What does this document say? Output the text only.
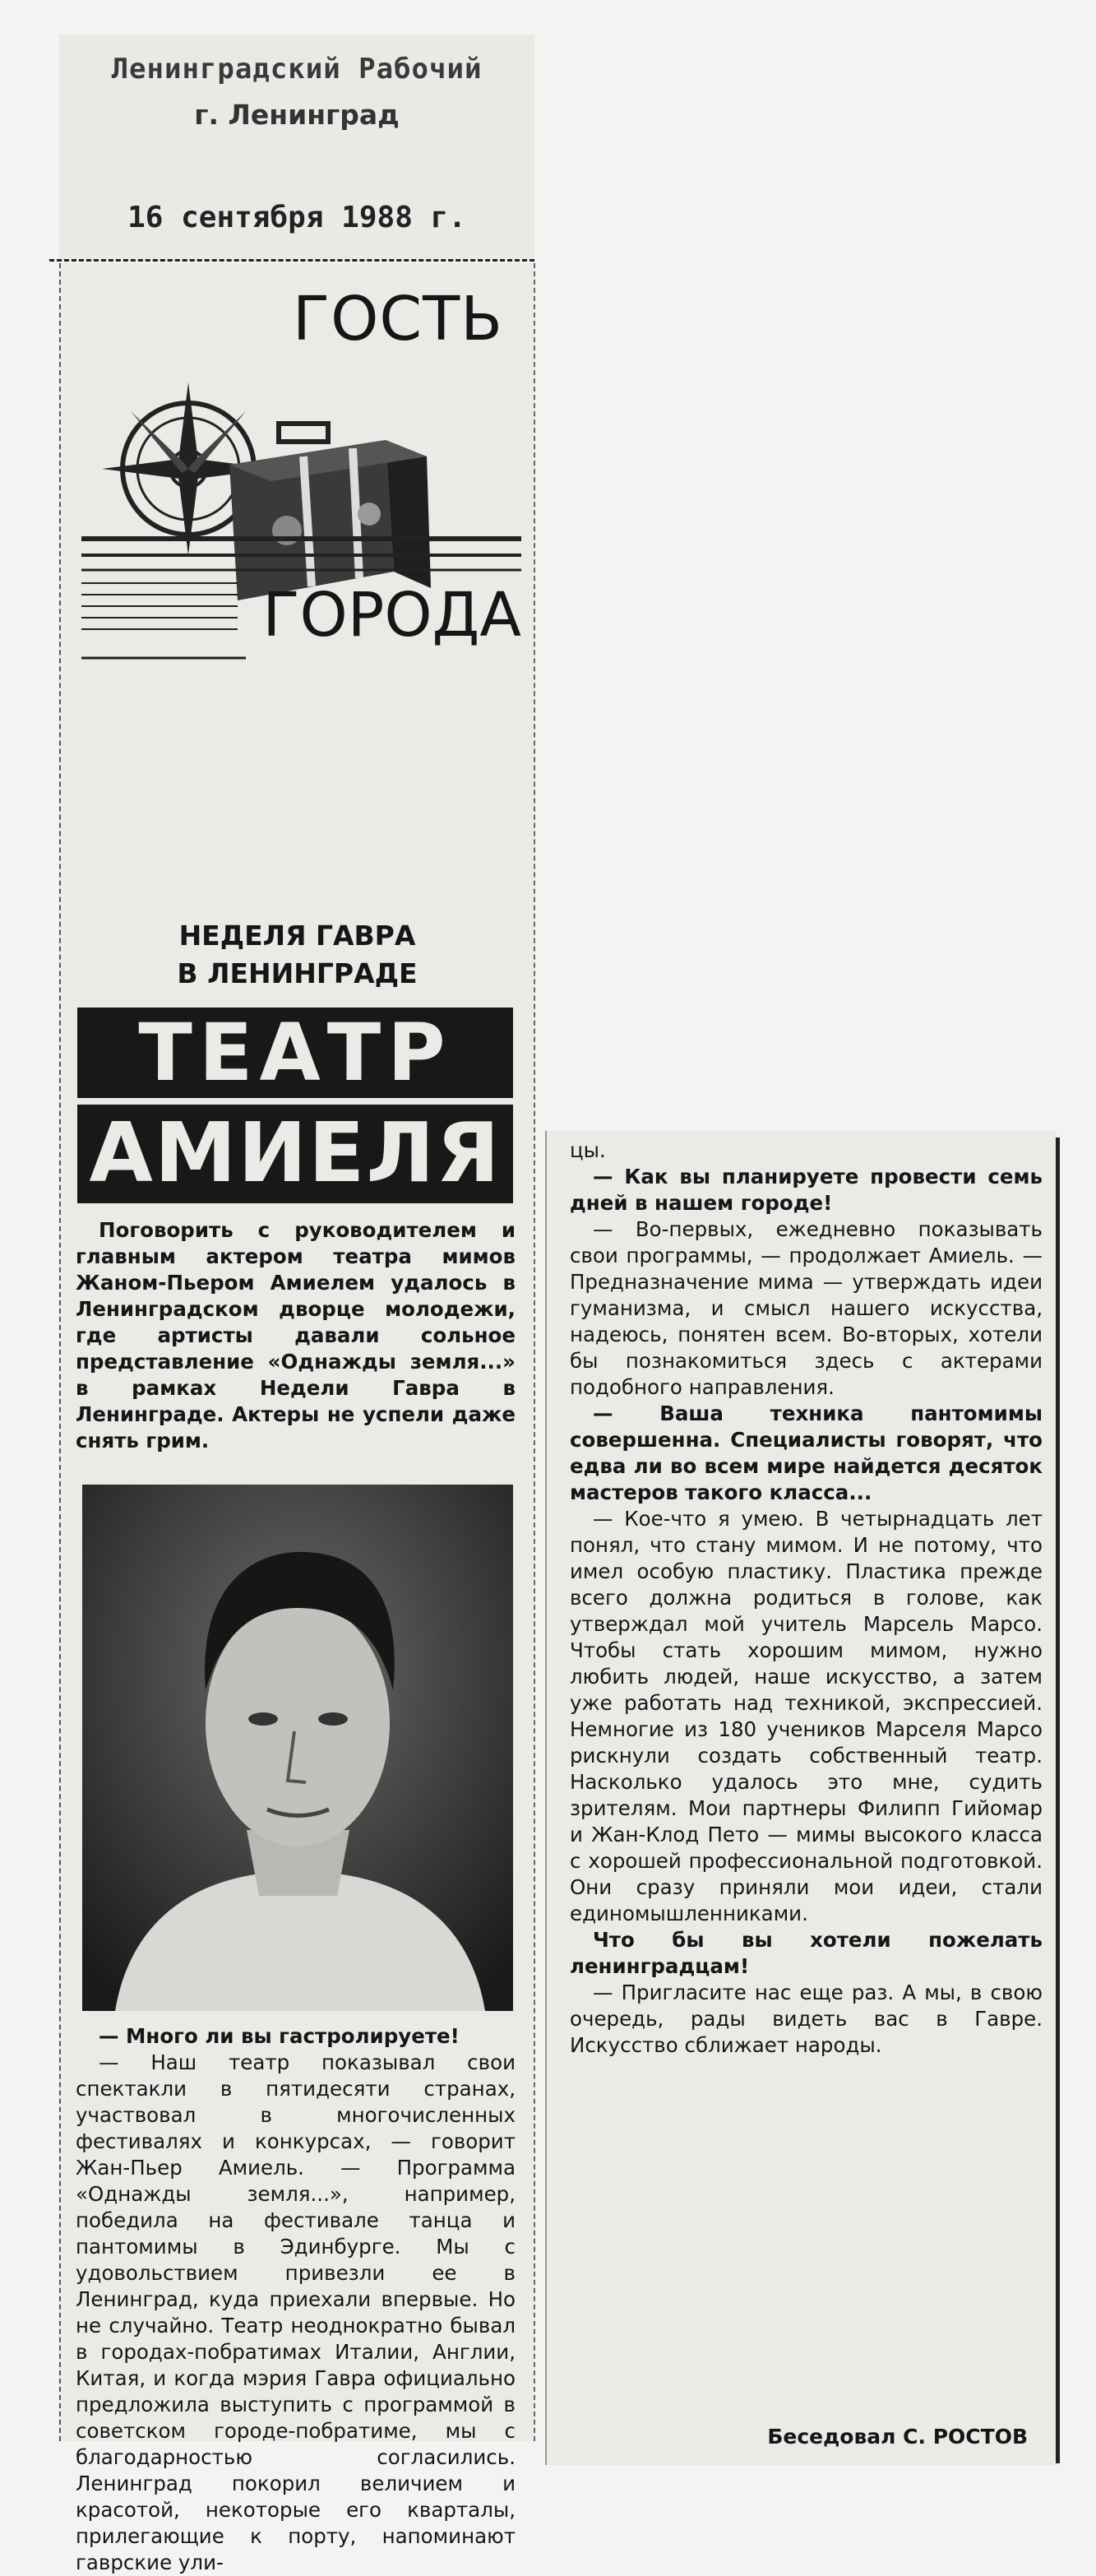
Ленинградский Рабочий
г. Ленинград
16 сентября 1988 г.
ГОСТЬ
ГОРОДА
НЕДЕЛЯ ГАВРА
В ЛЕНИНГРАДЕ
ТЕАТР
АМИЕЛЯ
Поговорить с руководителем и главным актером театра мимов Жаном-Пьером Амиелем удалось в Ленинградском дворце молодежи, где артисты давали сольное представление «Однажды земля...» в рамках Недели Гавра в Ленинграде. Актеры не успели даже снять грим.

— Много ли вы гастролируете!

— Наш театр показывал свои спектакли в пятидесяти странах, участвовал в многочисленных фестивалях и конкурсах, — говорит Жан-Пьер Амиель. — Программа «Однажды земля...», например, победила на фестивале танца и пантомимы в Эдинбурге. Мы с удовольствием привезли ее в Ленинград, куда приехали впервые. Но не случайно. Театр неоднократно бывал в городах-побратимах Италии, Англии, Китая, и когда мэрия Гавра официально предложила выступить с программой в советском городе-побратиме, мы с благодарностью согласились. Ленинград покорил величием и красотой, некоторые его кварталы, прилегающие к порту, напоминают гаврские ули-

цы.

— Как вы планируете провести семь дней в нашем городе!

— Во-первых, ежедневно показывать свои программы, — продолжает Амиель. — Предназначение мима — утверждать идеи гуманизма, и смысл нашего искусства, надеюсь, понятен всем. Во-вторых, хотели бы познакомиться здесь с актерами подобного направления.

— Ваша техника пантомимы совершенна. Специалисты говорят, что едва ли во всем мире найдется десяток мастеров такого класса...

— Кое-что я умею. В четырнадцать лет понял, что стану мимом. И не потому, что имел особую пластику. Пластика прежде всего должна родиться в голове, как утверждал мой учитель Марсель Марсо. Чтобы стать хорошим мимом, нужно любить людей, наше искусство, а затем уже работать над техникой, экспрессией. Немногие из 180 учеников Марселя Марсо рискнули создать собственный театр. Насколько удалось это мне, судить зрителям. Мои партнеры Филипп Гийомар и Жан-Клод Пето — мимы высокого класса с хорошей профессиональной подготовкой. Они сразу приняли мои идеи, стали единомышленниками.

Что бы вы хотели пожелать ленинградцам!

— Пригласите нас еще раз. А мы, в свою очередь, рады видеть вас в Гавре. Искусство сближает народы.

Беседовал С. РОСТОВ
